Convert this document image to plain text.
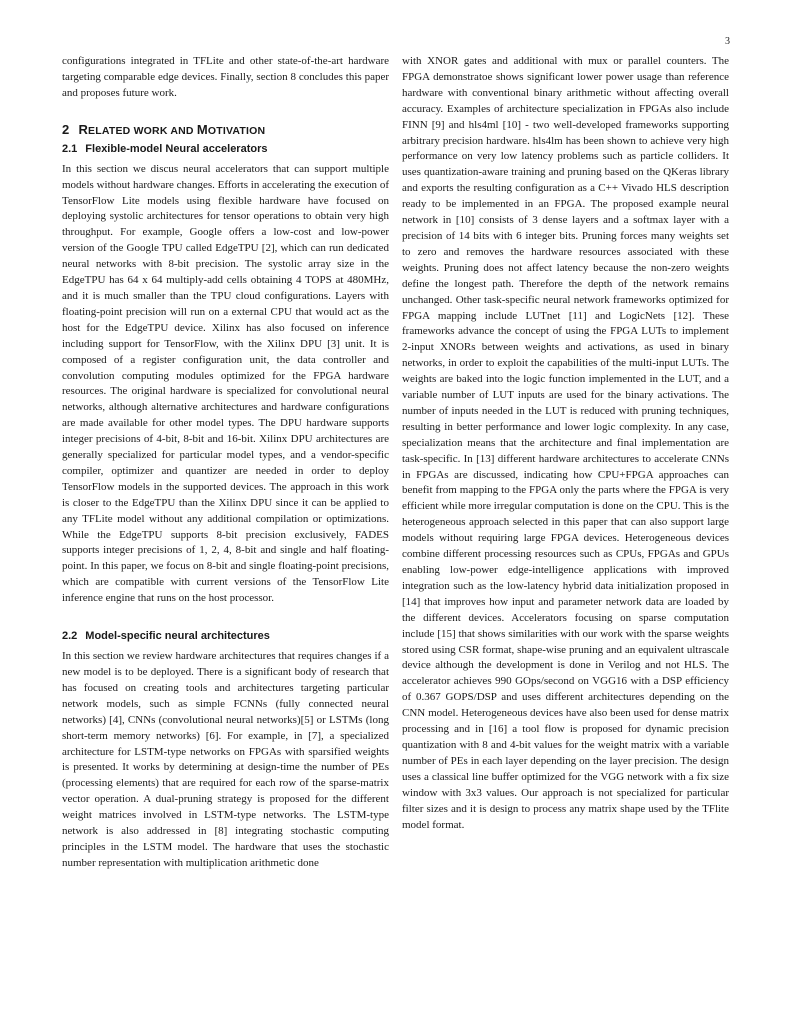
3

configurations integrated in TFLite and other state-of-the-art hardware targeting comparable edge devices. Finally, section 8 concludes this paper and proposes future work.

2 RELATED WORK AND MOTIVATION
2.1 Flexible-model Neural accelerators

In this section we discus neural accelerators that can support multiple models without hardware changes. Efforts in accelerating the execution of TensorFlow Lite models using flexible hardware have focused on deploying systolic architectures for tensor operations to obtain very high throughput. For example, Google offers a low-cost and low-power version of the Google TPU called EdgeTPU [2], which can run dedicated neural networks with 8-bit precision. The systolic array size in the EdgeTPU has 64 x 64 multiply-add cells obtaining 4 TOPS at 480MHz, and it is much smaller than the TPU cloud configurations. Layers with floating-point precision will run on a external CPU that would act as the host for the EdgeTPU device. Xilinx has also focused on inference including support for TensorFlow, with the Xilinx DPU [3] unit. It is composed of a register configuration unit, the data controller and convolution computing modules optimized for the FPGA hardware resources. The original hardware is specialized for convolutional neural networks, although alternative architectures and hardware configurations are made available for other model types. The DPU hardware supports integer precisions of 4-bit, 8-bit and 16-bit. Xilinx DPU architectures are generally specialized for particular model types, and a vendor-specific compiler, optimizer and quantizer are needed in order to deploy TensorFlow models in the supported devices. The approach in this work is closer to the EdgeTPU than the Xilinx DPU since it can be applied to any TFLite model without any additional compilation or optimizations. While the EdgeTPU supports 8-bit precision exclusively, FADES supports integer precisions of 1, 2, 4, 8-bit and single and half floating-point. In this paper, we focus on 8-bit and single floating-point precisions, which are compatible with current versions of the TensorFlow Lite inference engine that runs on the host processor.

2.2 Model-specific neural architectures

In this section we review hardware architectures that requires changes if a new model is to be deployed. There is a significant body of research that has focused on creating tools and architectures targeting particular network models, such as simple FCNNs (fully connected neural networks) [4], CNNs (convolutional neural networks)[5] or LSTMs (long short-term memory networks) [6]. For example, in [7], a specialized architecture for LSTM-type networks on FPGAs with sparsified weights is presented. It works by determining at design-time the number of PEs (processing elements) that are required for each row of the sparse-matrix vector operation. A dual-pruning strategy is proposed for the different weight matrices involved in LSTM-type networks. The LSTM-type network is also addressed in [8] integrating stochastic computing principles in the LSTM model. The hardware that uses the stochastic number representation with multiplication arithmetic done

with XNOR gates and additional with mux or parallel counters. The FPGA demonstratoe shows significant lower power usage than reference hardware with conventional binary arithmetic without affecting overall accuracy. Examples of architecture specialization in FPGAs also include FINN [9] and hls4ml [10] - two well-developed frameworks supporting arbitrary precision hardware. hls4lm has been shown to achieve very high performance on very low latency problems such as particle colliders. It uses quantization-aware training and pruning based on the QKeras library and exports the resulting configuration as a C++ Vivado HLS description ready to be implemented in an FPGA. The proposed example neural network in [10] consists of 3 dense layers and a softmax layer with a precision of 14 bits with 6 integer bits. Pruning forces many weights set to zero and removes the hardware resources associated with these weights. Pruning does not affect latency because the non-zero weights define the longest path. Therefore the depth of the network remains unchanged. Other task-specific neural network frameworks optimized for FPGA mapping include LUTnet [11] and LogicNets [12]. These frameworks advance the concept of using the FPGA LUTs to implement 2-input XNORs between weights and activations, as used in binary networks, in order to exploit the capabilities of the multi-input LUTs. The weights are baked into the logic function implemented in the LUT, and a variable number of LUT inputs are used for the binary activations. The number of inputs needed in the LUT is reduced with pruning techniques, resulting in better performance and lower logic complexity. In any case, specialization means that the architecture and final implementation are task-specific. In [13] different hardware architectures to accelerate CNNs in FPGAs are discussed, indicating how CPU+FPGA approaches can benefit from mapping to the FPGA only the parts where the FPGA is very efficient while more irregular computation is done on the CPU. This is the heterogeneous approach selected in this paper that can also support large models without requiring large FPGA devices. Heterogeneous devices combine different processing resources such as CPUs, FPGAs and GPUs enabling low-power edge-intelligence applications with improved integration such as the low-latency hybrid data initialization proposed in [14] that improves how input and parameter network data are loaded by the different devices. Accelerators focusing on sparse computation include [15] that shows similarities with our work with the sparse weights stored using CSR format, shape-wise pruning and an equivalent ultrascale device although the development is done in Verilog and not HLS. The accelerator achieves 990 GOps/second on VGG16 with a DSP efficiency of 0.367 GOPS/DSP and uses different architectures depending on the CNN model. Heterogeneous devices have also been used for dense matrix processing and in [16] a tool flow is proposed for dynamic precision quantization with 8 and 4-bit values for the weight matrix with a variable number of PEs in each layer depending on the layer precision. The design uses a classical line buffer optimized for the VGG network with a fix size window with 3x3 values. Our approach is not specialized for particular filter sizes and it is design to process any matrix shape used by the TFlite model format.
